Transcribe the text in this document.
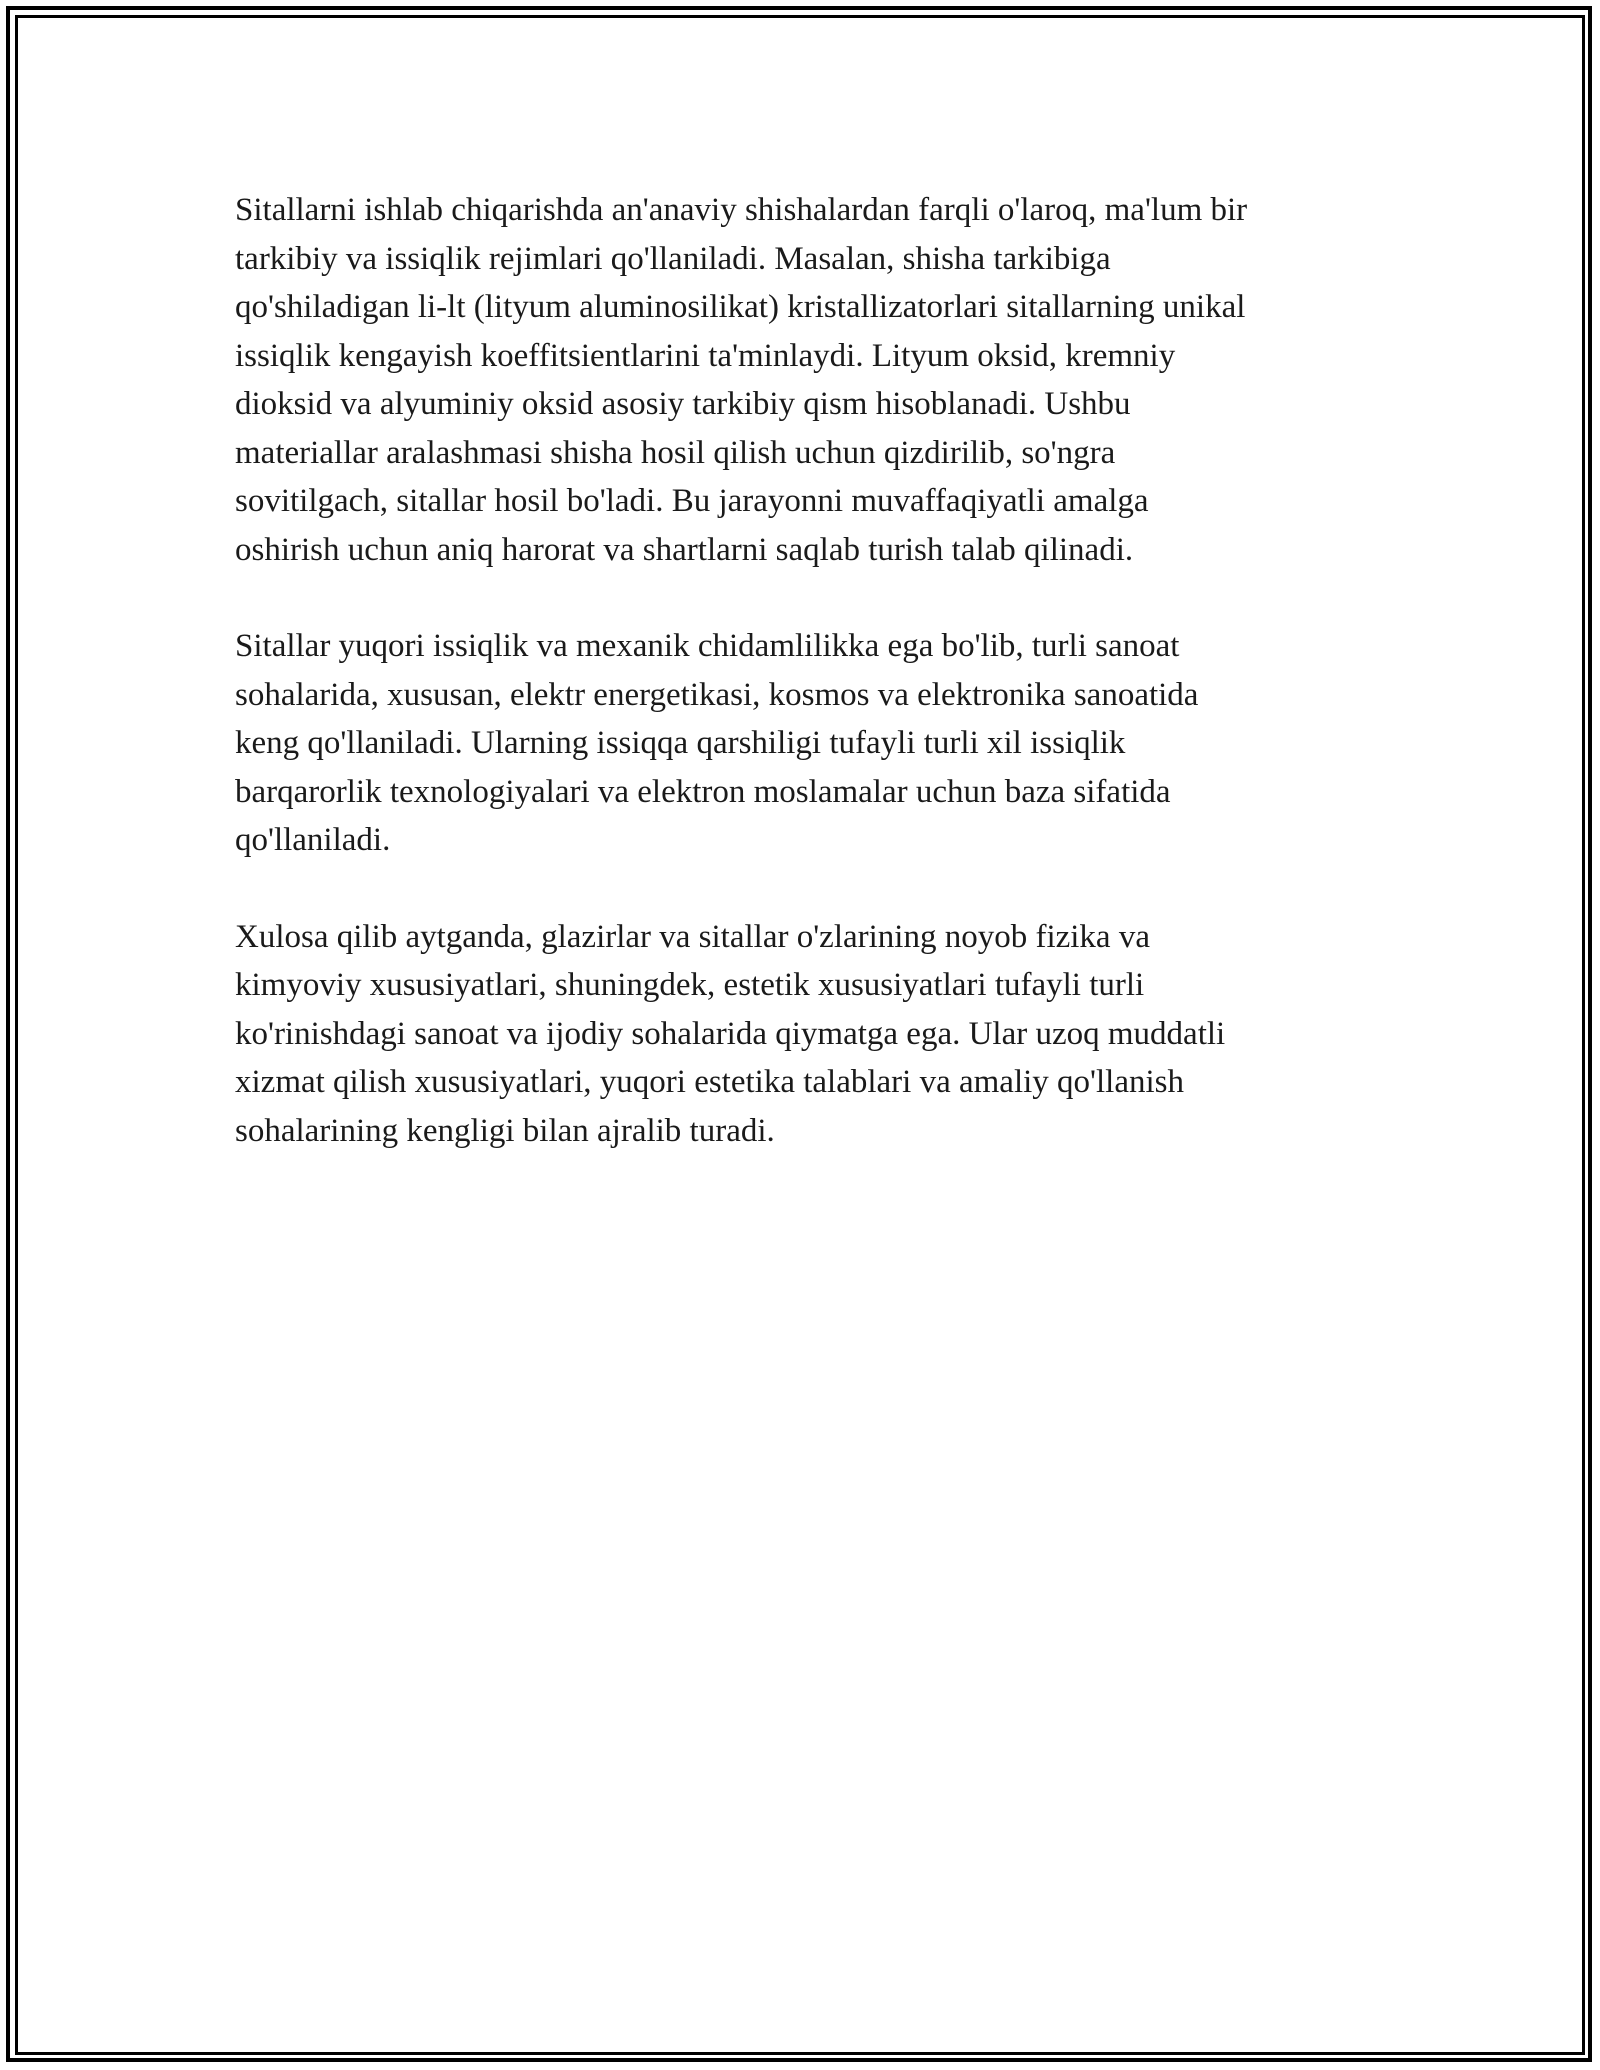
Sitallarni ishlab chiqarishda an'anaviy shishalardan farqli o'laroq, ma'lum bir
tarkibiy va issiqlik rejimlari qo'llaniladi. Masalan, shisha tarkibiga
qo'shiladigan li-lt (lityum aluminosilikat) kristallizatorlari sitallarning unikal
issiqlik kengayish koeffitsientlarini ta'minlaydi. Lityum oksid, kremniy
dioksid va alyuminiy oksid asosiy tarkibiy qism hisoblanadi. Ushbu
materiallar aralashmasi shisha hosil qilish uchun qizdirilib, so'ngra
sovitilgach, sitallar hosil bo'ladi. Bu jarayonni muvaffaqiyatli amalga
oshirish uchun aniq harorat va shartlarni saqlab turish talab qilinadi.

Sitallar yuqori issiqlik va mexanik chidamlilikka ega bo'lib, turli sanoat
sohalarida, xususan, elektr energetikasi, kosmos va elektronika sanoatida
keng qo'llaniladi. Ularning issiqqa qarshiligi tufayli turli xil issiqlik
barqarorlik texnologiyalari va elektron moslamalar uchun baza sifatida
qo'llaniladi.

Xulosa qilib aytganda, glazirlar va sitallar o'zlarining noyob fizika va
kimyoviy xususiyatlari, shuningdek, estetik xususiyatlari tufayli turli
ko'rinishdagi sanoat va ijodiy sohalarida qiymatga ega. Ular uzoq muddatli
xizmat qilish xususiyatlari, yuqori estetika talablari va amaliy qo'llanish
sohalarining kengligi bilan ajralib turadi.
